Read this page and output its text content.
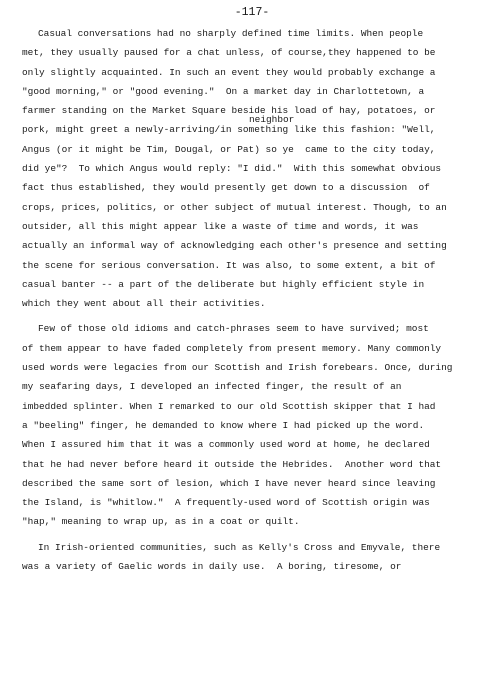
-117-
Casual conversations had no sharply defined time limits. When people
met, they usually paused for a chat unless, of course,they happened to be
only slightly acquainted. In such an event they would probably exchange a
"good morning," or "good evening."  On a market day in Charlottetown, a
farmer standing on the Market Square beside his load of hay, potatoes, or
neighbor
pork, might greet a newly-arriving/in something like this fashion: "Well,
Angus (or it might be Tim, Dougal, or Pat) so ye  came to the city today,
did ye"?  To which Angus would reply: "I did."  With this somewhat obvious
fact thus established, they would presently get down to a discussion  of
crops, prices, politics, or other subject of mutual interest. Though, to an
outsider, all this might appear like a waste of time and words, it was
actually an informal way of acknowledging each other's presence and setting
the scene for serious conversation. It was also, to some extent, a bit of
casual banter -- a part of the deliberate but highly efficient style in
which they went about all their activities.
Few of those old idioms and catch-phrases seem to have survived; most
of them appear to have faded completely from present memory. Many commonly
used words were legacies from our Scottish and Irish forebears. Once, during
my seafaring days, I developed an infected finger, the result of an
imbedded splinter. When I remarked to our old Scottish skipper that I had
a "beeling" finger, he demanded to know where I had picked up the word.
When I assured him that it was a commonly used word at home, he declared
that he had never before heard it outside the Hebrides.  Another word that
described the same sort of lesion, which I have never heard since leaving
the Island, is "whitlow."  A frequently-used word of Scottish origin was
"hap," meaning to wrap up, as in a coat or quilt.
In Irish-oriented communities, such as Kelly's Cross and Emyvale, there
was a variety of Gaelic words in daily use.  A boring, tiresome, or
